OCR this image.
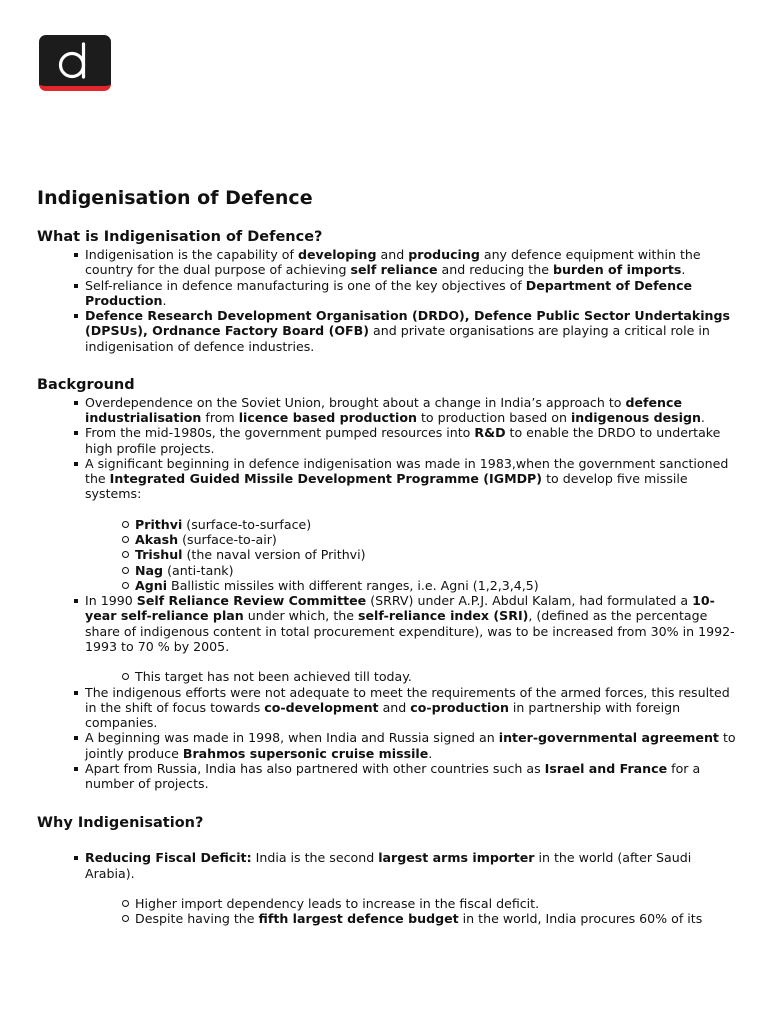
Indigenisation of Defence
What is Indigenisation of Defence?
Indigenisation is the capability of developing and producing any defence equipment within the country for the dual purpose of achieving self reliance and reducing the burden of imports.
Self-reliance in defence manufacturing is one of the key objectives of Department of Defence Production.
Defence Research Development Organisation (DRDO), Defence Public Sector Undertakings (DPSUs), Ordnance Factory Board (OFB) and private organisations are playing a critical role in indigenisation of defence industries.
Background
Overdependence on the Soviet Union, brought about a change in India’s approach to defence industrialisation from licence based production to production based on indigenous design.
From the mid-1980s, the government pumped resources into R&D to enable the DRDO to undertake high profile projects.
A significant beginning in defence indigenisation was made in 1983,when the government sanctioned the Integrated Guided Missile Development Programme (IGMDP) to develop five missile systems:
Prithvi (surface-to-surface)
Akash (surface-to-air)
Trishul (the naval version of Prithvi)
Nag (anti-tank)
Agni Ballistic missiles with different ranges, i.e. Agni (1,2,3,4,5)
In 1990 Self Reliance Review Committee (SRRV) under A.P.J. Abdul Kalam, had formulated a 10-year self-reliance plan under which, the self-reliance index (SRI), (defined as the percentage share of indigenous content in total procurement expenditure), was to be increased from 30% in 1992-1993 to 70 % by 2005.
This target has not been achieved till today.
The indigenous efforts were not adequate to meet the requirements of the armed forces, this resulted in the shift of focus towards co-development and co-production in partnership with foreign companies.
A beginning was made in 1998, when India and Russia signed an inter-governmental agreement to jointly produce Brahmos supersonic cruise missile.
Apart from Russia, India has also partnered with other countries such as Israel and France for a number of projects.
Why Indigenisation?
Reducing Fiscal Deficit: India is the second largest arms importer in the world (after Saudi Arabia).
Higher import dependency leads to increase in the fiscal deficit.
Despite having the fifth largest defence budget in the world, India procures 60% of its
